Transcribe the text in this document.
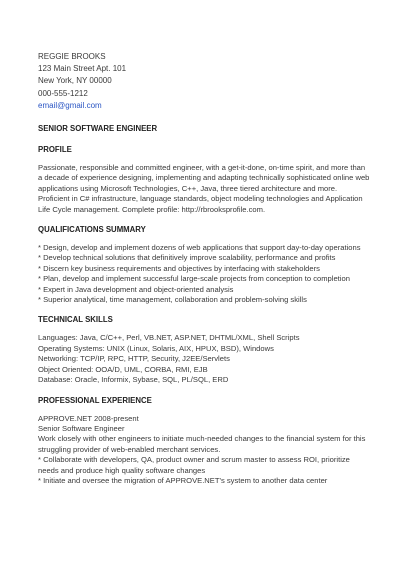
REGGIE BROOKS
123 Main Street Apt. 101
New York, NY 00000
000-555-1212
email@gmail.com
SENIOR SOFTWARE ENGINEER
PROFILE

Passionate, responsible and committed engineer, with a get-it-done, on-time spirit, and more than a decade of experience designing, implementing and adapting technically sophisticated online web applications using Microsoft Technologies, C++, Java, three tiered architecture and more. Proficient in C# infrastructure, language standards, object modeling technologies and Application Life Cycle management. Complete profile: http://rbrooksprofile.com.

QUALIFICATIONS SUMMARY
* Design, develop and implement dozens of web applications that support day-to-day operations
* Develop technical solutions that definitively improve scalability, performance and profits
* Discern key business requirements and objectives by interfacing with stakeholders
* Plan, develop and implement successful large-scale projects from conception to completion
* Expert in Java development and object-oriented analysis
* Superior analytical, time management, collaboration and problem-solving skills
TECHNICAL SKILLS
Languages: Java, C/C++, Perl, VB.NET, ASP.NET, DHTML/XML, Shell Scripts
Operating Systems: UNIX (Linux, Solaris, AIX, HPUX, BSD), Windows
Networking: TCP/IP, RPC, HTTP, Security, J2EE/Servlets
Object Oriented: OOA/D, UML, CORBA, RMI, EJB
Database: Oracle, Informix, Sybase, SQL, PL/SQL, ERD
PROFESSIONAL EXPERIENCE
APPROVE.NET 2008-present
Senior Software Engineer

Work closely with other engineers to initiate much-needed changes to the financial system for this struggling provider of web-enabled merchant services.

* Collaborate with developers, QA, product owner and scrum master to assess ROI, prioritize needs and produce high quality software changes
* Initiate and oversee the migration of APPROVE.NET's system to another data center
